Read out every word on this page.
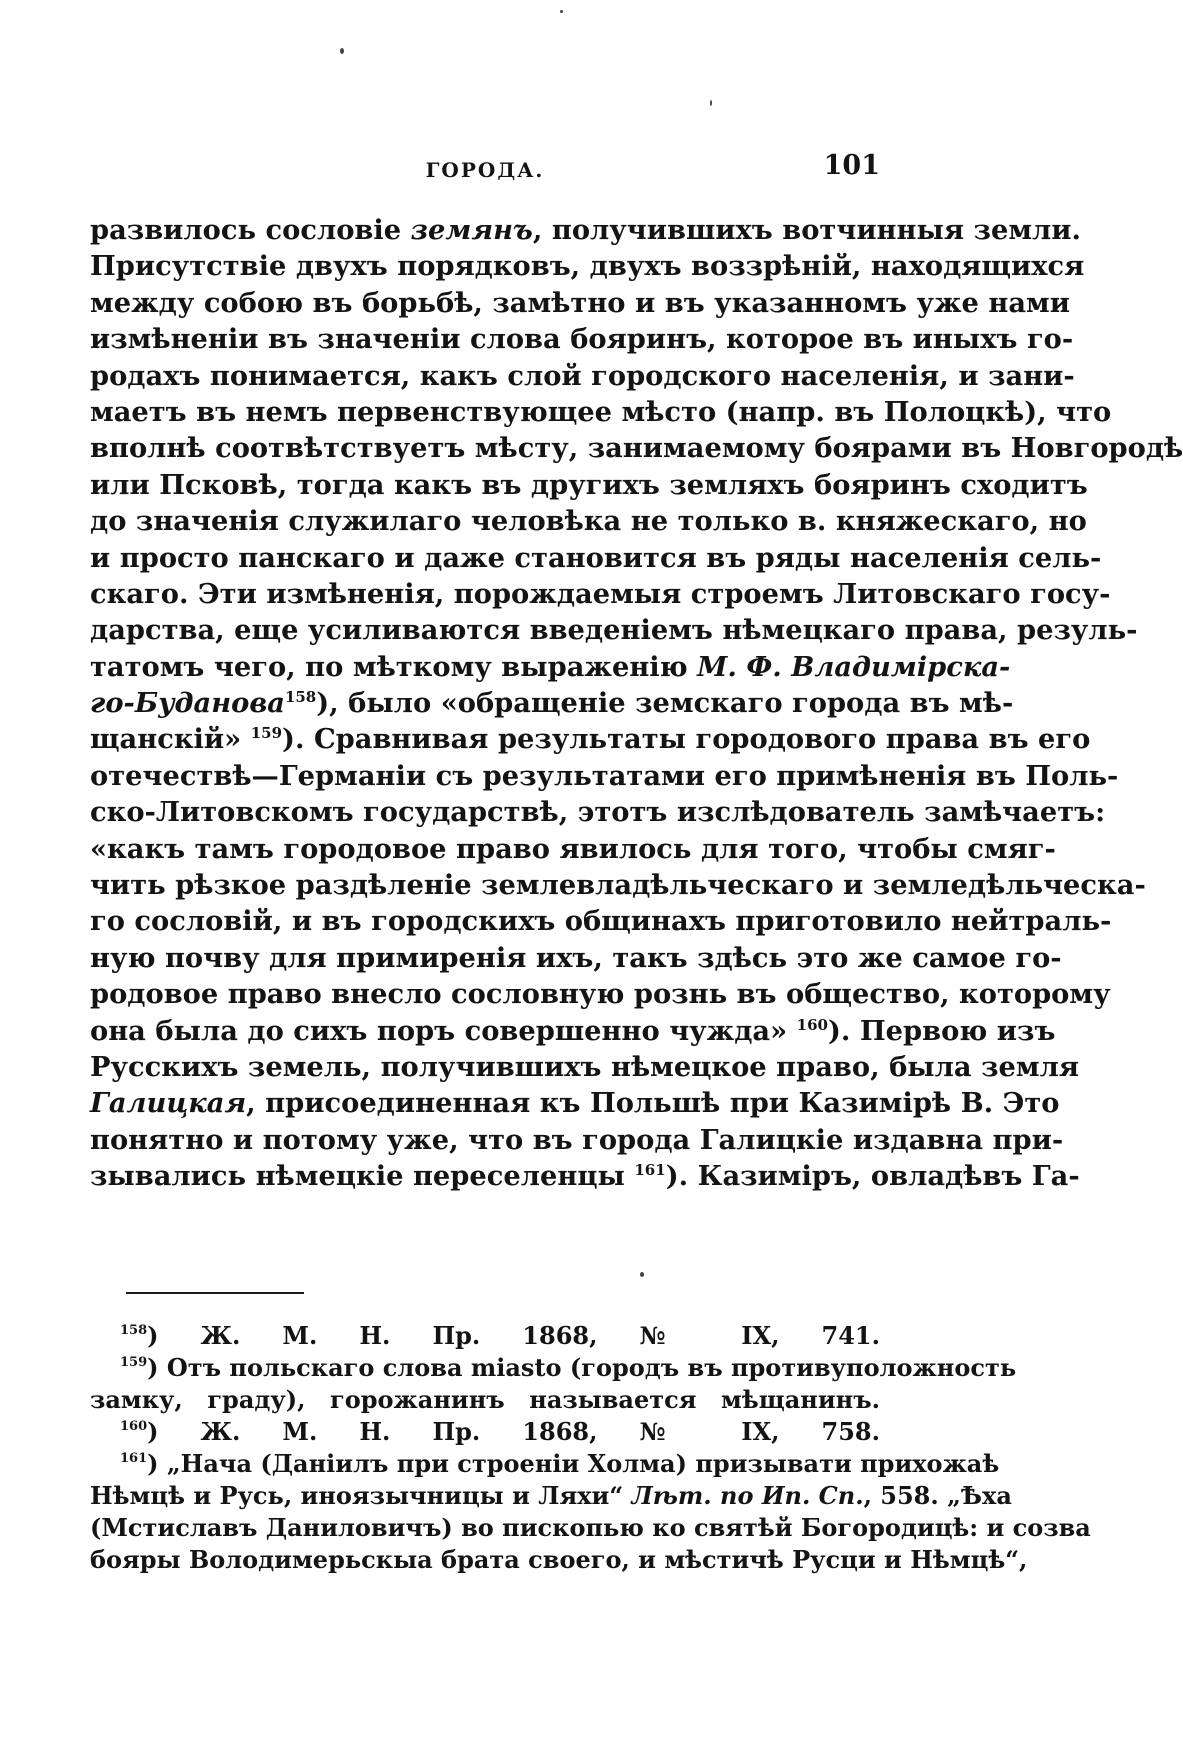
ГОРОДА.	101
развилось сословіе земянъ, получившихъ вотчинныя земли.
Присутствіе двухъ порядковъ, двухъ воззрѣній, находящихся
между собою въ борьбѣ, замѣтно и въ указанномъ уже нами
измѣненіи въ значеніи слова бояринъ, которое въ иныхъ го-
родахъ понимается, какъ слой городского населенія, и зани-
маетъ въ немъ первенствующее мѣсто (напр. въ Полоцкѣ), что
вполнѣ соотвѣтствуетъ мѣсту, занимаемому боярами въ Новгородѣ
или Псковѣ, тогда какъ въ другихъ земляхъ бояринъ сходитъ
до значенія служилаго человѣка не только в. княжескаго, но
и просто панскаго и даже становится въ ряды населенія сель-
скаго. Эти измѣненія, порождаемыя строемъ Литовскаго госу-
дарства, еще усиливаются введеніемъ нѣмецкаго права, резуль-
татомъ чего, по мѣткому выраженію М. Ф. Владимірска-
го-Буданова$^{158}$), было «обращеніе земскаго города въ мѣ-
щанскій» $^{159}$). Сравнивая результаты городового права въ его
отечествѣ—Германіи съ результатами его примѣненія въ Поль-
ско-Литовскомъ государствѣ, этотъ изслѣдователь замѣчаетъ:
«какъ тамъ городовое право явилось для того, чтобы смяг-
чить рѣзкое раздѣленіе землевладѣльческаго и земледѣльческа-
го сословій, и въ городскихъ общинахъ приготовило нейтраль-
ную почву для примиренія ихъ, такъ здѣсь это же самое го-
родовое право внесло сословную рознь въ общество, которому
она была до сихъ поръ совершенно чужда» $^{160}$). Первою изъ
Русскихъ земель, получившихъ нѣмецкое право, была земля
Галицкая, присоединенная къ Польшѣ при Казимірѣ В. Это
понятно и потому уже, что въ города Галицкіе издавна при-
зывались нѣмецкіе переселенцы $^{161}$). Казиміръ, овладѣвъ Га-
$^{158}$) Ж. М. Н. Пр. 1868, № IX, 741.
$^{159}$) Отъ польскаго слова miasto (городъ въ противуположность
замку, граду), горожанинъ называется мѣщанинъ.
$^{160}$) Ж. М. Н. Пр. 1868, № IX, 758.
$^{161}$) „Нача (Даніилъ при строеніи Холма) призывати прихожаѣ
Нѣмцѣ и Русь, иноязычницы и Ляхи“ Лѣт. по Ип. Сп., 558. „Ѣха
(Мстиславъ Даниловичъ) во пископью ко святѣй Богородицѣ: и созва
бояры Володимерьскыа брата своего, и мѣстичѣ Русци и Нѣмцѣ“,
